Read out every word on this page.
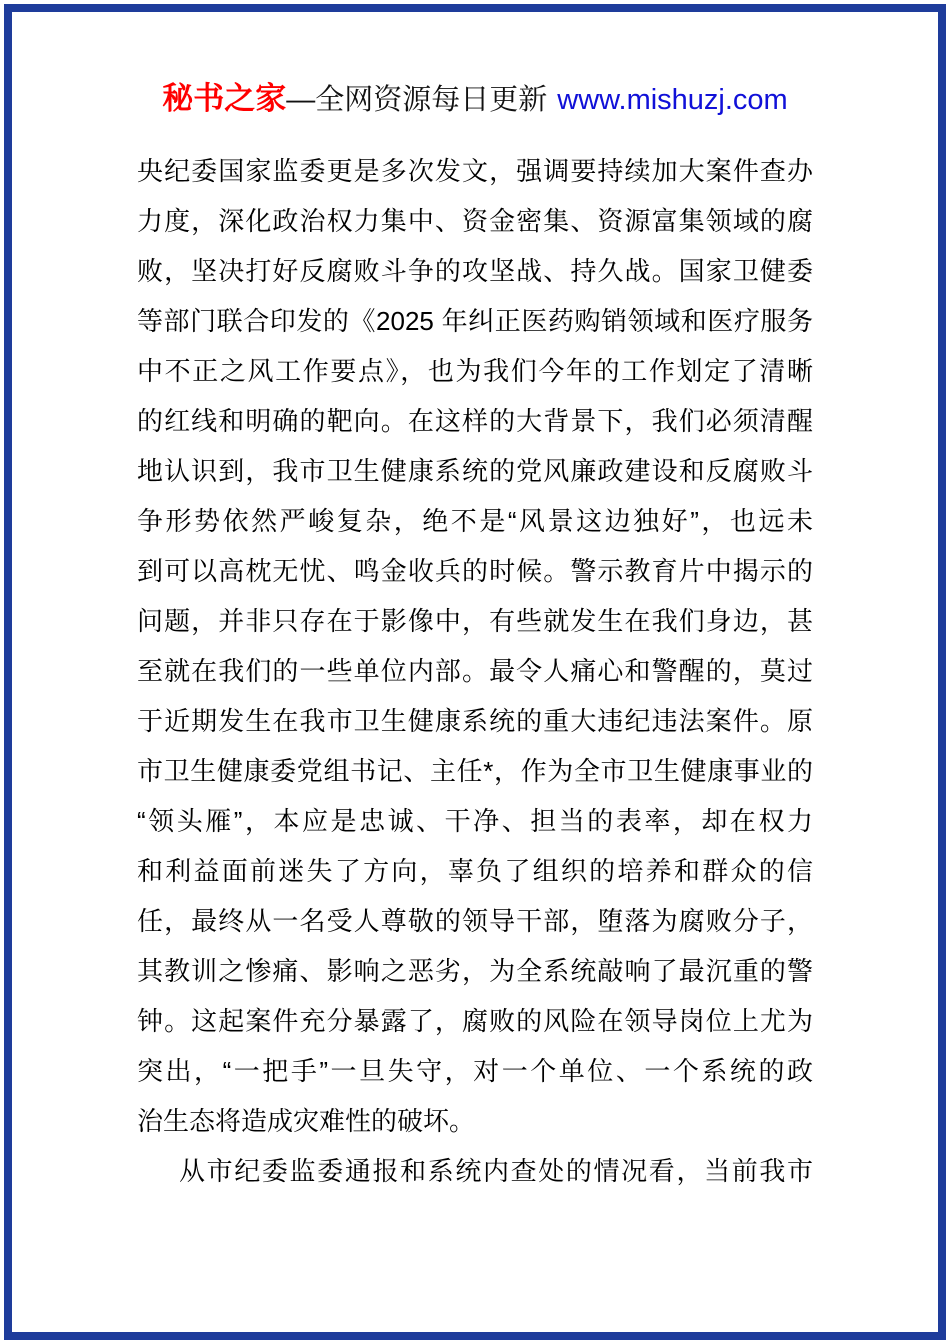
秘书之家—全网资源每日更新 www.mishuzj.com
央纪委国家监委更是多次发文，强调要持续加大案件查办
力度，深化政治权力集中、资金密集、资源富集领域的腐
败，坚决打好反腐败斗争的攻坚战、持久战。国家卫健委
等部门联合印发的《2025 年纠正医药购销领域和医疗服务
中不正之风工作要点》，也为我们今年的工作划定了清晰
的红线和明确的靶向。在这样的大背景下，我们必须清醒
地认识到，我市卫生健康系统的党风廉政建设和反腐败斗
争形势依然严峻复杂，绝不是“风景这边独好”，也远未
到可以高枕无忧、鸣金收兵的时候。警示教育片中揭示的
问题，并非只存在于影像中，有些就发生在我们身边，甚
至就在我们的一些单位内部。最令人痛心和警醒的，莫过
于近期发生在我市卫生健康系统的重大违纪违法案件。原
市卫生健康委党组书记、主任*，作为全市卫生健康事业的
“领头雁”，本应是忠诚、干净、担当的表率，却在权力
和利益面前迷失了方向，辜负了组织的培养和群众的信
任，最终从一名受人尊敬的领导干部，堕落为腐败分子，
其教训之惨痛、影响之恶劣，为全系统敲响了最沉重的警
钟。这起案件充分暴露了，腐败的风险在领导岗位上尤为
突出，“一把手”一旦失守，对一个单位、一个系统的政
治生态将造成灾难性的破坏。
从市纪委监委通报和系统内查处的情况看，当前我市
